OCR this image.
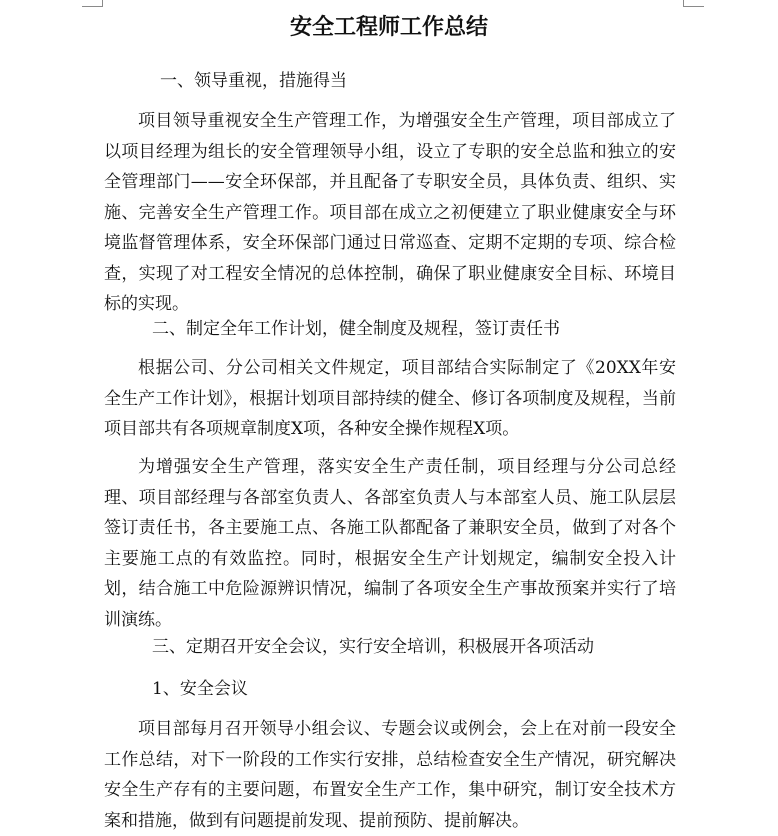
安全工程师工作总结
一、领导重视，措施得当

项目领导重视安全生产管理工作，为增强安全生产管理，项目部成立了以项目经理为组长的安全管理领导小组，设立了专职的安全总监和独立的安全管理部门——安全环保部，并且配备了专职安全员，具体负责、组织、实施、完善安全生产管理工作。项目部在成立之初便建立了职业健康安全与环境监督管理体系，安全环保部门通过日常巡查、定期不定期的专项、综合检查，实现了对工程安全情况的总体控制，确保了职业健康安全目标、环境目标的实现。

二、制定全年工作计划，健全制度及规程，签订责任书

根据公司、分公司相关文件规定，项目部结合实际制定了《20XX年安全生产工作计划》，根据计划项目部持续的健全、修订各项制度及规程，当前项目部共有各项规章制度X项，各种安全操作规程X项。

为增强安全生产管理，落实安全生产责任制，项目经理与分公司总经理、项目部经理与各部室负责人、各部室负责人与本部室人员、施工队层层签订责任书，各主要施工点、各施工队都配备了兼职安全员，做到了对各个主要施工点的有效监控。同时，根据安全生产计划规定，编制安全投入计划，结合施工中危险源辨识情况，编制了各项安全生产事故预案并实行了培训演练。

三、定期召开安全会议，实行安全培训，积极展开各项活动
1、安全会议

项目部每月召开领导小组会议、专题会议或例会，会上在对前一段安全工作总结，对下一阶段的工作实行安排，总结检查安全生产情况，研究解决安全生产存有的主要问题，布置安全生产工作，集中研究，制订安全技术方案和措施，做到有问题提前发现、提前预防、提前解决。
